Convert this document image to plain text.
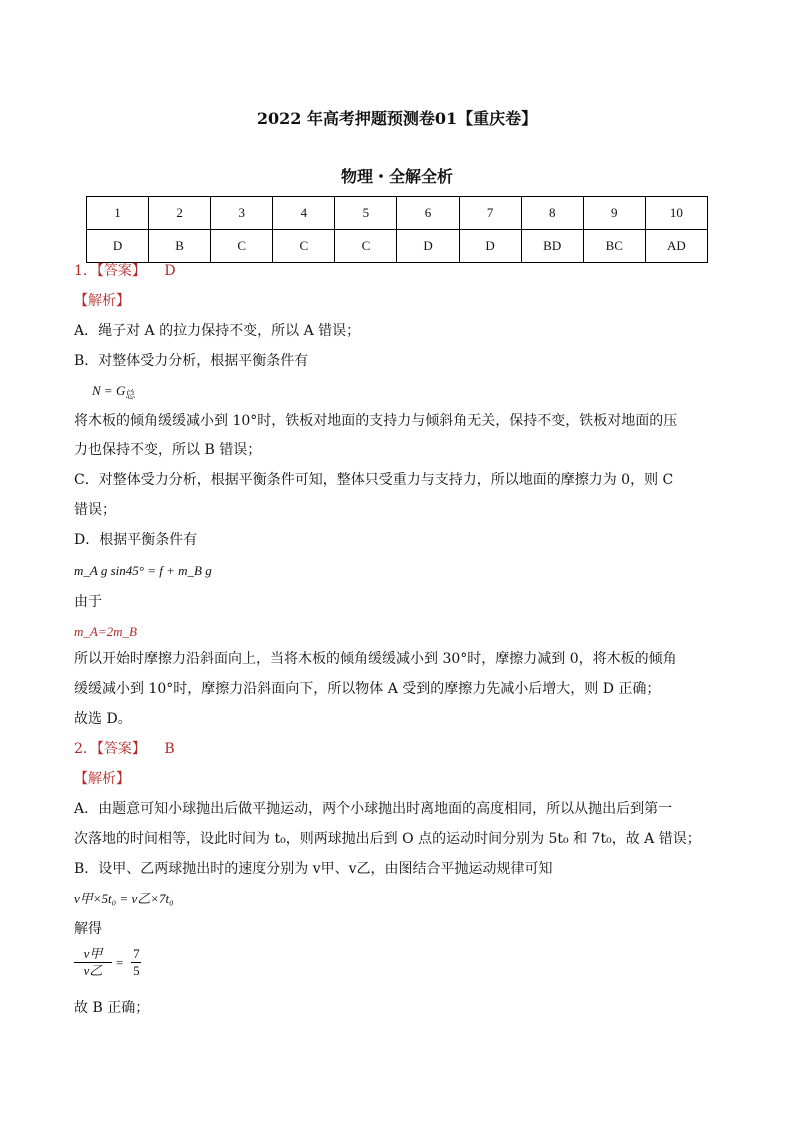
2022 年高考押题预测卷01【重庆卷】
物理・全解全析
1	2	3	4	5	6	7	8	9	10
D	B	C	C	C	D	D	BD	BC	AD
1．【答案】 D
【解析】
A．绳子对 A 的拉力保持不变，所以 A 错误；
B．对整体受力分析，根据平衡条件有
$N = G_总$
将木板的倾角缓缓减小到 10°时，铁板对地面的支持力与倾斜角无关，保持不变，铁板对地面的压
力也保持不变，所以 B 错误；
C．对整体受力分析，根据平衡条件可知，整体只受重力与支持力，所以地面的摩擦力为 0，则 C
错误；
D．根据平衡条件有
m_A g sin45° = f + m_B g
由于
m_A=2m_B
所以开始时摩擦力沿斜面向上，当将木板的倾角缓缓减小到 30°时，摩擦力减到 0，将木板的倾角
缓缓减小到 10°时，摩擦力沿斜面向下，所以物体 A 受到的摩擦力先减小后增大，则 D 正确；
故选 D。
2．【答案】 B
【解析】
A．由题意可知小球抛出后做平抛运动，两个小球抛出时离地面的高度相同，所以从抛出后到第一
次落地的时间相等，设此时间为 t₀，则两球抛出后到 O 点的运动时间分别为 5t₀ 和 7t₀，故 A 错误；
B．设甲、乙两球抛出时的速度分别为 v甲、v乙，由图结合平抛运动规律可知
v甲×5t₀ = v乙×7t₀
解得
$\frac{\text{v甲}}{\text{v乙}} = \frac{7}{5}$
故 B 正确；
